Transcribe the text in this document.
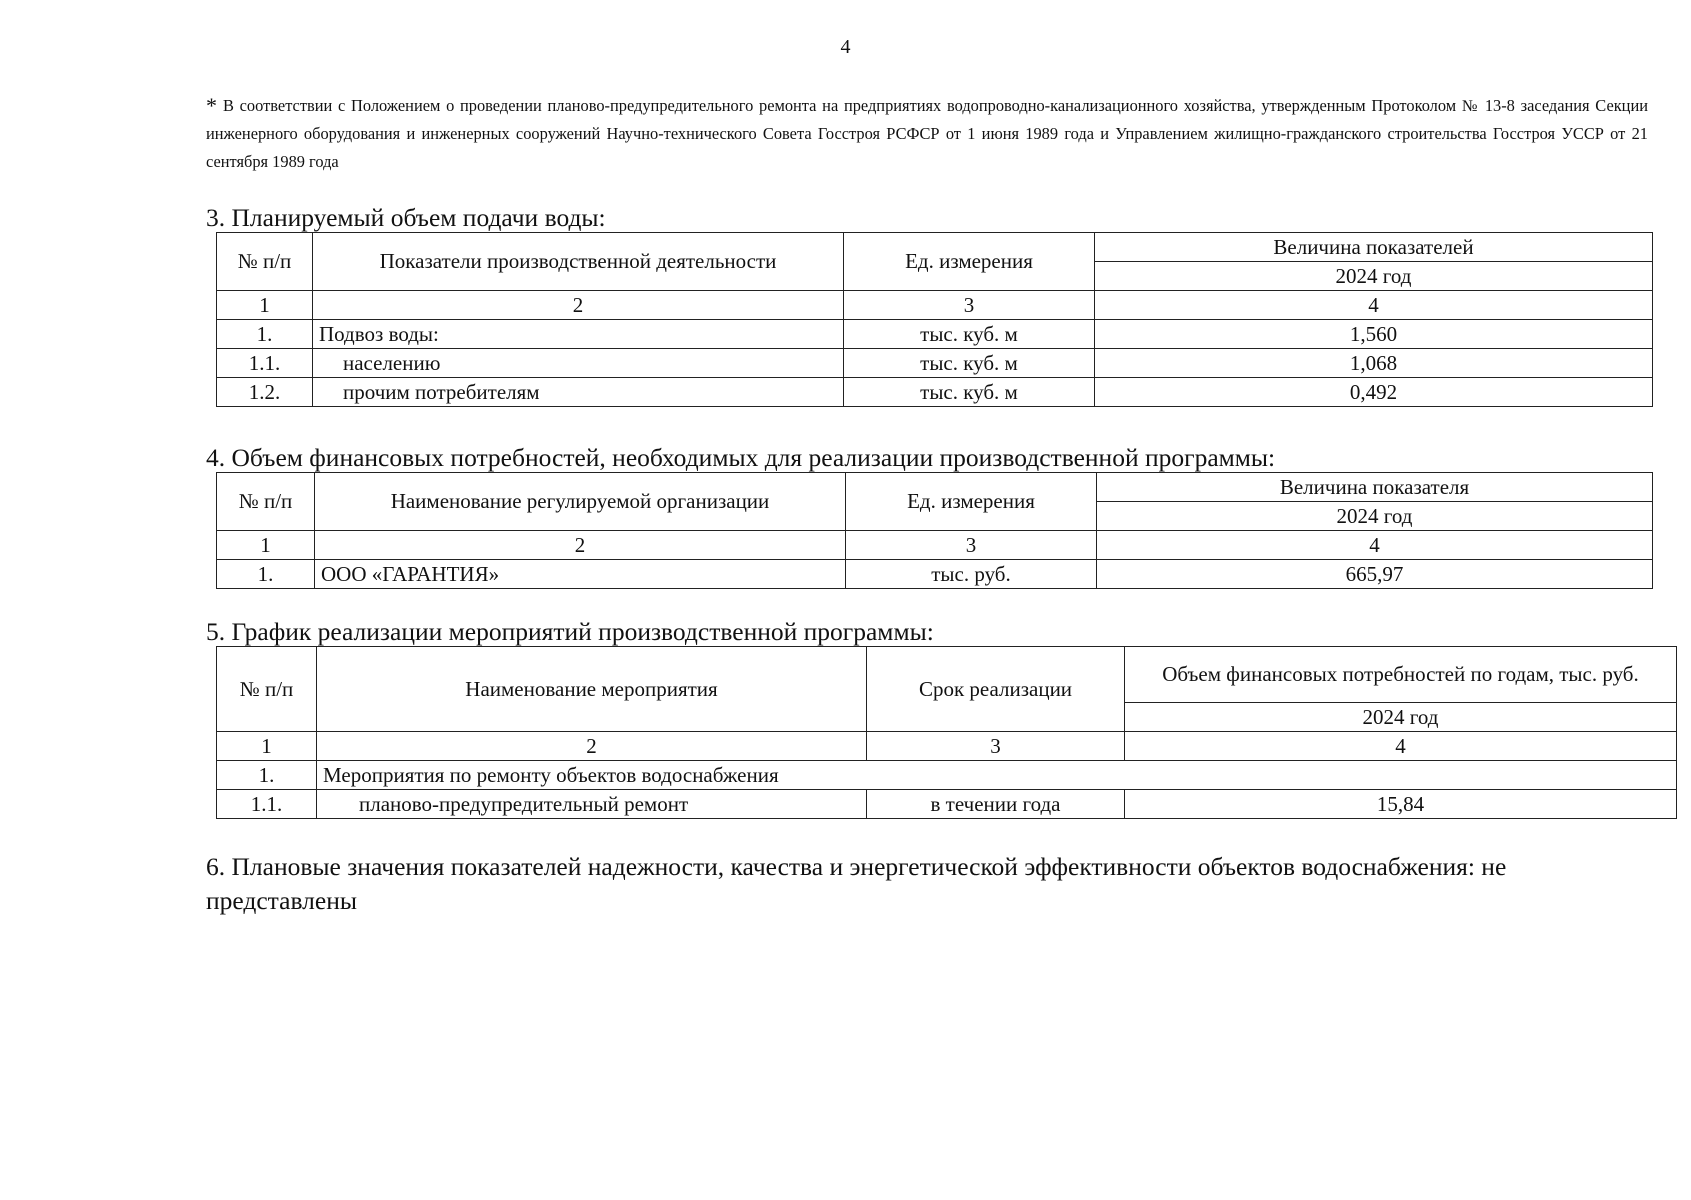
4
* В соответствии с Положением о проведении планово-предупредительного ремонта на предприятиях водопроводно-канализационного хозяйства, утвержденным Протоколом № 13-8 заседания Секции инженерного оборудования и инженерных сооружений Научно-технического Совета Госстроя РСФСР от 1 июня 1989 года и Управлением жилищно-гражданского строительства Госстроя УССР от 21 сентября 1989 года
3. Планируемый объем подачи воды:
№ п/п	Показатели производственной деятельности	Ед. измерения	Величина показателей
			2024 год
1	2	3	4
1.	Подвоз воды:	тыс. куб. м	1,560
1.1.	населению	тыс. куб. м	1,068
1.2.	прочим потребителям	тыс. куб. м	0,492
4. Объем финансовых потребностей, необходимых для реализации производственной программы:
№ п/п	Наименование регулируемой организации	Ед. измерения	Величина показателя
			2024 год
1	2	3	4
1.	ООО «ГАРАНТИЯ»	тыс. руб.	665,97
5. График реализации мероприятий производственной программы:
№ п/п	Наименование мероприятия	Срок реализации	Объем финансовых потребностей по годам, тыс. руб.
			2024 год
1	2	3	4
1.	Мероприятия по ремонту объектов водоснабжения		
1.1.	планово-предупредительный ремонт	в течении года	15,84
6. Плановые значения показателей надежности, качества и энергетической эффективности объектов водоснабжения: не представлены
